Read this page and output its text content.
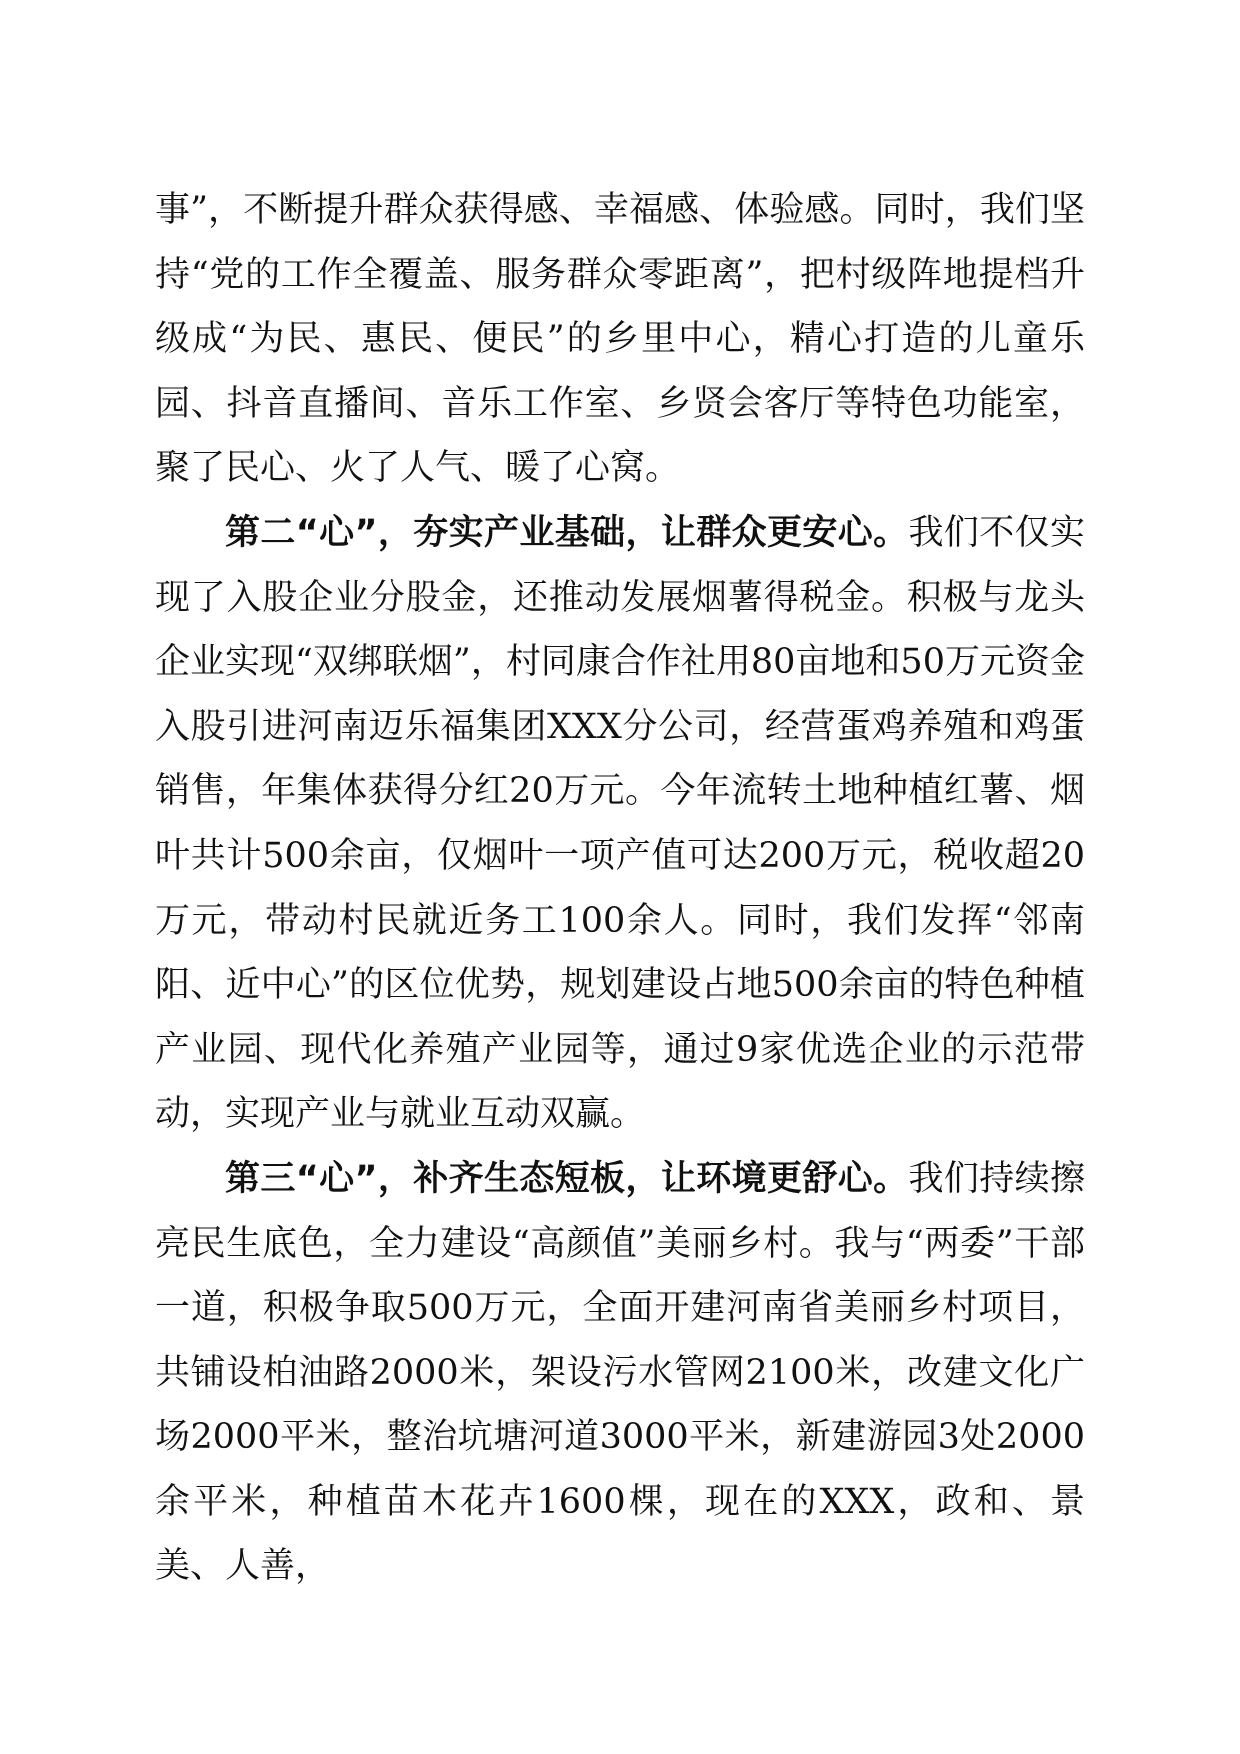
事”，不断提升群众获得感、幸福感、体验感。同时，我们坚持“党的工作全覆盖、服务群众零距离”，把村级阵地提档升级成“为民、惠民、便民”的乡里中心，精心打造的儿童乐园、抖音直播间、音乐工作室、乡贤会客厅等特色功能室，聚了民心、火了人气、暖了心窝。

第二“心”，夯实产业基础，让群众更安心。我们不仅实现了入股企业分股金，还推动发展烟薯得税金。积极与龙头企业实现“双绑联烟”，村同康合作社用80亩地和50万元资金入股引进河南迈乐福集团XXX分公司，经营蛋鸡养殖和鸡蛋销售，年集体获得分红20万元。今年流转土地种植红薯、烟叶共计500余亩，仅烟叶一项产值可达200万元，税收超20万元，带动村民就近务工100余人。同时，我们发挥“邻南阳、近中心”的区位优势，规划建设占地500余亩的特色种植产业园、现代化养殖产业园等，通过9家优选企业的示范带动，实现产业与就业互动双赢。

第三“心”，补齐生态短板，让环境更舒心。我们持续擦亮民生底色，全力建设“高颜值”美丽乡村。我与“两委”干部一道，积极争取500万元，全面开建河南省美丽乡村项目，共铺设柏油路2000米，架设污水管网2100米，改建文化广场2000平米，整治坑塘河道3000平米，新建游园3处2000余平米，种植苗木花卉1600棵，现在的XXX，政和、景美、人善，
